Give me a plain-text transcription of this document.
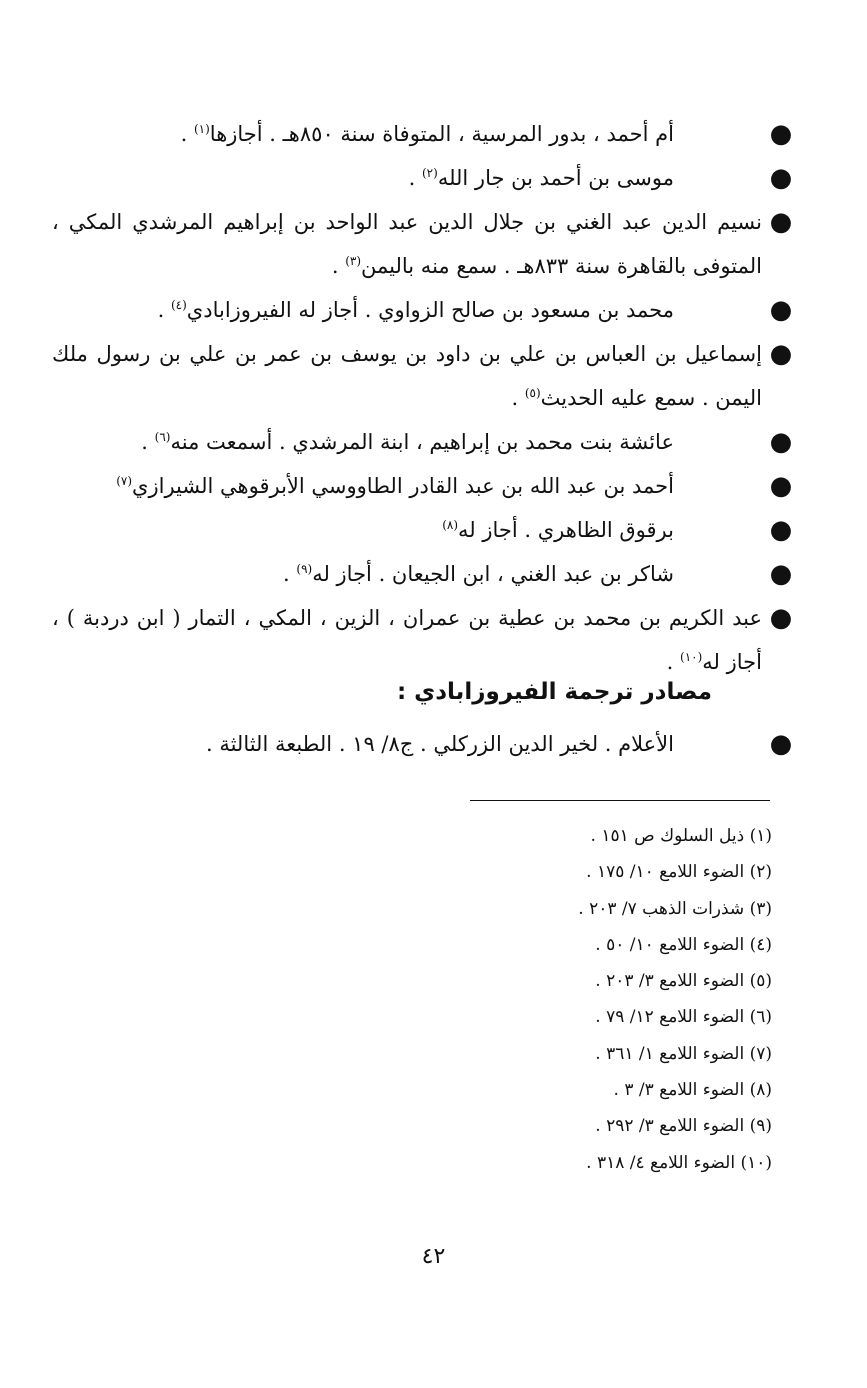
●
أم أحمد ، بدور المرسية ، المتوفاة سنة ٨٥٠هـ . أجازها$^{(١)}$ .

●
موسى بن أحمد بن جار الله$^{(٢)}$ .

●
نسيم الدين عبد الغني بن جلال الدين عبد الواحد بن إبراهيم المرشدي المكي ، المتوفى بالقاهرة سنة ٨٣٣هـ . سمع منه باليمن$^{(٣)}$ .

●
محمد بن مسعود بن صالح الزواوي . أجاز له الفيروزابادي$^{(٤)}$ .

●
إسماعيل بن العباس بن علي بن داود بن يوسف بن عمر بن علي بن رسول ملك اليمن . سمع عليه الحديث$^{(٥)}$ .

●
عائشة بنت محمد بن إبراهيم ، ابنة المرشدي . أسمعت منه$^{(٦)}$ .

●
أحمد بن عبد الله بن عبد القادر الطاووسي الأبرقوهي الشيرازي$^{(٧)}$

●
برقوق الظاهري . أجاز له$^{(٨)}$

●
شاكر بن عبد الغني ، ابن الجيعان . أجاز له$^{(٩)}$ .

●
عبد الكريم بن محمد بن عطية بن عمران ، الزين ، المكي ، التمار ( ابن دردبة ) ، أجاز له$^{(١٠)}$ .

مصادر ترجمة الفيروزابادي :

●
الأعلام . لخير الدين الزركلي . ج٨/ ١٩ . الطبعة الثالثة .

(١) ذيل السلوك ص ١٥١ .
(٢) الضوء اللامع ١٠/ ١٧٥ .
(٣) شذرات الذهب ٧/ ٢٠٣ .
(٤) الضوء اللامع ١٠/ ٥٠ .
(٥) الضوء اللامع ٣/ ٢٠٣ .
(٦) الضوء اللامع ١٢/ ٧٩ .
(٧) الضوء اللامع ١/ ٣٦١ .
(٨) الضوء اللامع ٣/ ٣ .
(٩) الضوء اللامع ٣/ ٢٩٢ .
(١٠) الضوء اللامع ٤/ ٣١٨ .
٤٢
